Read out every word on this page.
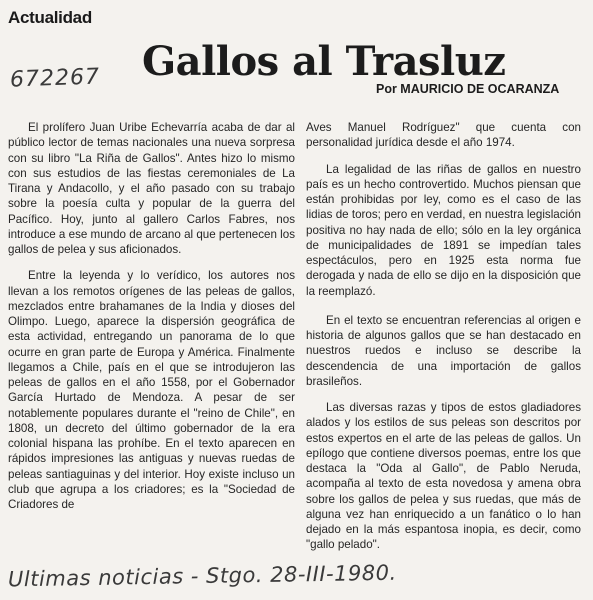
Actualidad
672267 Gallos al Trasluz
Por MAURICIO DE OCARANZA

El prolífero Juan Uribe Echevarría acaba de dar al público lector de temas nacionales una nueva sorpresa con su libro "La Riña de Gallos". Antes hizo lo mismo con sus estudios de las fiestas ceremoniales de La Tirana y Andacollo, y el año pasado con su trabajo sobre la poesía culta y popular de la guerra del Pacífico. Hoy, junto al gallero Carlos Fabres, nos introduce a ese mundo de arcano al que pertenecen los gallos de pelea y sus aficionados.

Entre la leyenda y lo verídico, los autores nos llevan a los remotos orígenes de las peleas de gallos, mezclados entre brahamanes de la India y dioses del Olimpo. Luego, aparece la dispersión geográfica de esta actividad, entregando un panorama de lo que ocurre en gran parte de Europa y América. Finalmente llegamos a Chile, país en el que se introdujeron las peleas de gallos en el año 1558, por el Gobernador García Hurtado de Mendoza. A pesar de ser notablemente populares durante el "reino de Chile", en 1808, un decreto del último gobernador de la era colonial hispana las prohíbe. En el texto aparecen en rápidos impresiones las antiguas y nuevas ruedas de peleas santiaguinas y del interior. Hoy existe incluso un club que agrupa a los criadores; es la "Sociedad de Criadores de

Aves Manuel Rodríguez" que cuenta con personalidad jurídica desde el año 1974.

La legalidad de las riñas de gallos en nuestro país es un hecho controvertido. Muchos piensan que están prohibidas por ley, como es el caso de las lidias de toros; pero en verdad, en nuestra legislación positiva no hay nada de ello; sólo en la ley orgánica de municipalidades de 1891 se impedían tales espectáculos, pero en 1925 esta norma fue derogada y nada de ello se dijo en la disposición que la reemplazó.

En el texto se encuentran referencias al origen e historia de algunos gallos que se han destacado en nuestros ruedos e incluso se describe la descendencia de una importación de gallos brasileños.

Las diversas razas y tipos de estos gladiadores alados y los estilos de sus peleas son descritos por estos expertos en el arte de las peleas de gallos. Un epílogo que contiene diversos poemas, entre los que destaca la "Oda al Gallo", de Pablo Neruda, acompaña al texto de esta novedosa y amena obra sobre los gallos de pelea y sus ruedas, que más de alguna vez han enriquecido a un fanático o lo han dejado en la más espantosa inopia, es decir, como "gallo pelado".

Ultimas noticias - Stgo. 28-III-1980.
